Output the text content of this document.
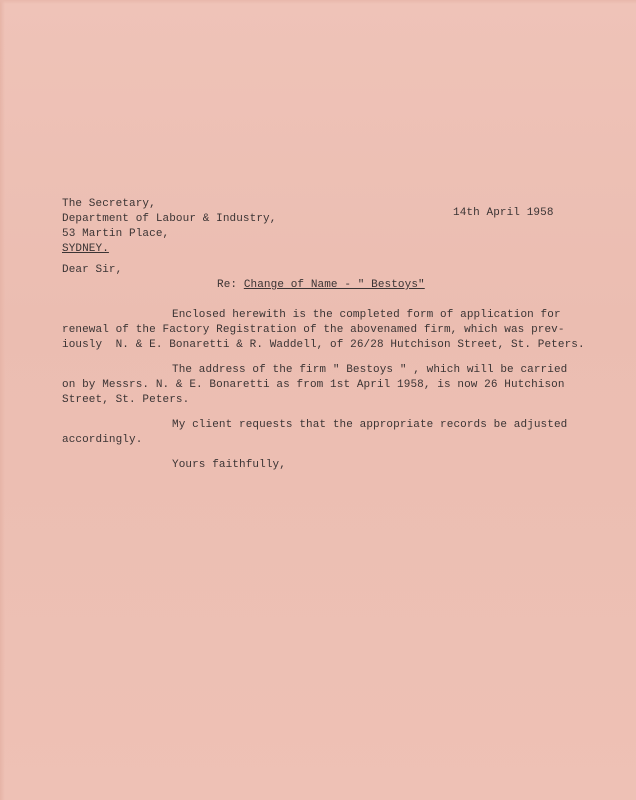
14th April 1958
The Secretary,
Department of Labour & Industry,
53 Martin Place,
SYDNEY.
Dear Sir,
Re: Change of Name - " Bestoys"
Enclosed herewith is the completed form of application for
renewal of the Factory Registration of the abovenamed firm, which was prev-
iously  N. & E. Bonaretti & R. Waddell, of 26/28 Hutchison Street, St. Peters.
The address of the firm " Bestoys " , which will be carried
on by Messrs. N. & E. Bonaretti as from 1st April 1958, is now 26 Hutchison
Street, St. Peters.
My client requests that the appropriate records be adjusted
accordingly.
Yours faithfully,
